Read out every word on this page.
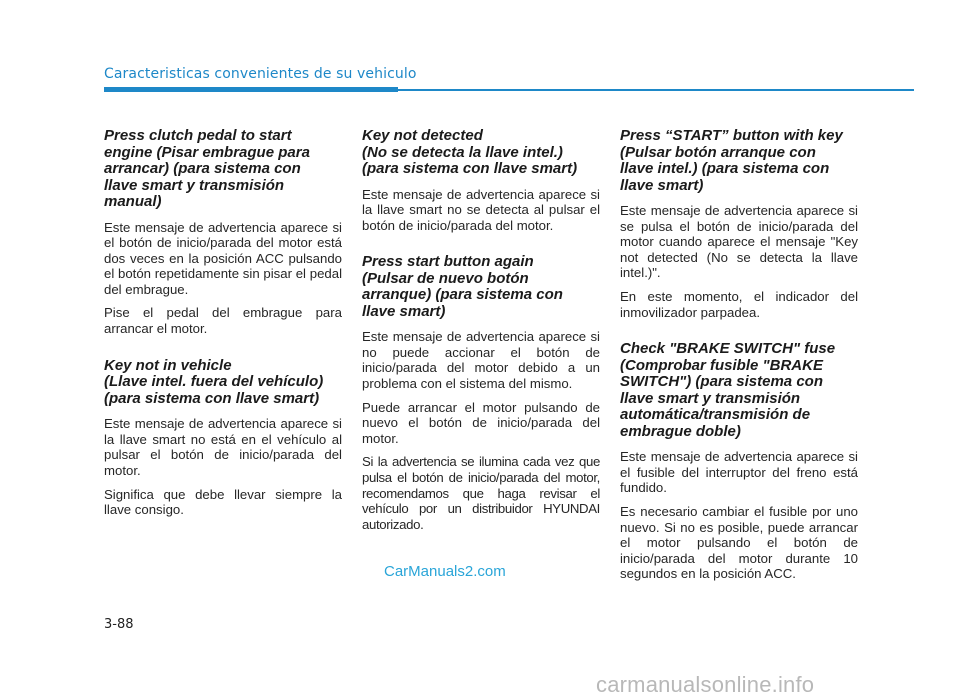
Caracteristicas convenientes de su vehiculo
Press clutch pedal to start
engine (Pisar embrague para
arrancar) (para sistema con
llave smart y transmisión
manual)

Este mensaje de advertencia aparece si el botón de inicio/parada del motor está dos veces en la posición ACC pulsando el botón repetidamente sin pisar el pedal del embrague.

Pise el pedal del embrague para arrancar el motor.

Key not in vehicle
(Llave intel. fuera del vehículo)
(para sistema con llave smart)

Este mensaje de advertencia aparece si la llave smart no está en el vehículo al pulsar el botón de inicio/parada del motor.

Significa que debe llevar siempre la llave consigo.

Key not detected
(No se detecta la llave intel.)
(para sistema con llave smart)

Este mensaje de advertencia aparece si la llave smart no se detecta al pulsar el botón de inicio/parada del motor.

Press start button again
(Pulsar de nuevo botón
arranque) (para sistema con
llave smart)

Este mensaje de advertencia aparece si no puede accionar el botón de inicio/parada del motor debido a un problema con el sistema del mismo.

Puede arrancar el motor pulsando de nuevo el botón de inicio/parada del motor.

Si la advertencia se ilumina cada vez que pulsa el botón de inicio/parada del motor, recomendamos que haga revisar el vehículo por un distribuidor HYUNDAI autorizado.

Press “START” button with key
(Pulsar botón arranque con
llave intel.) (para sistema con
llave smart)

Este mensaje de advertencia aparece si se pulsa el botón de inicio/parada del motor cuando aparece el mensaje "Key not detected (No se detecta la llave intel.)".

En este momento, el indicador del inmovilizador parpadea.

Check "BRAKE SWITCH" fuse
(Comprobar fusible "BRAKE
SWITCH") (para sistema con
llave smart y transmisión
automática/transmisión de
embrague doble)

Este mensaje de advertencia aparece si el fusible del interruptor del freno está fundido.

Es necesario cambiar el fusible por uno nuevo. Si no es posible, puede arrancar el motor pulsando el botón de inicio/parada del motor durante 10 segundos en la posición ACC.

CarManuals2.com
3-88
carmanualsonline.info
